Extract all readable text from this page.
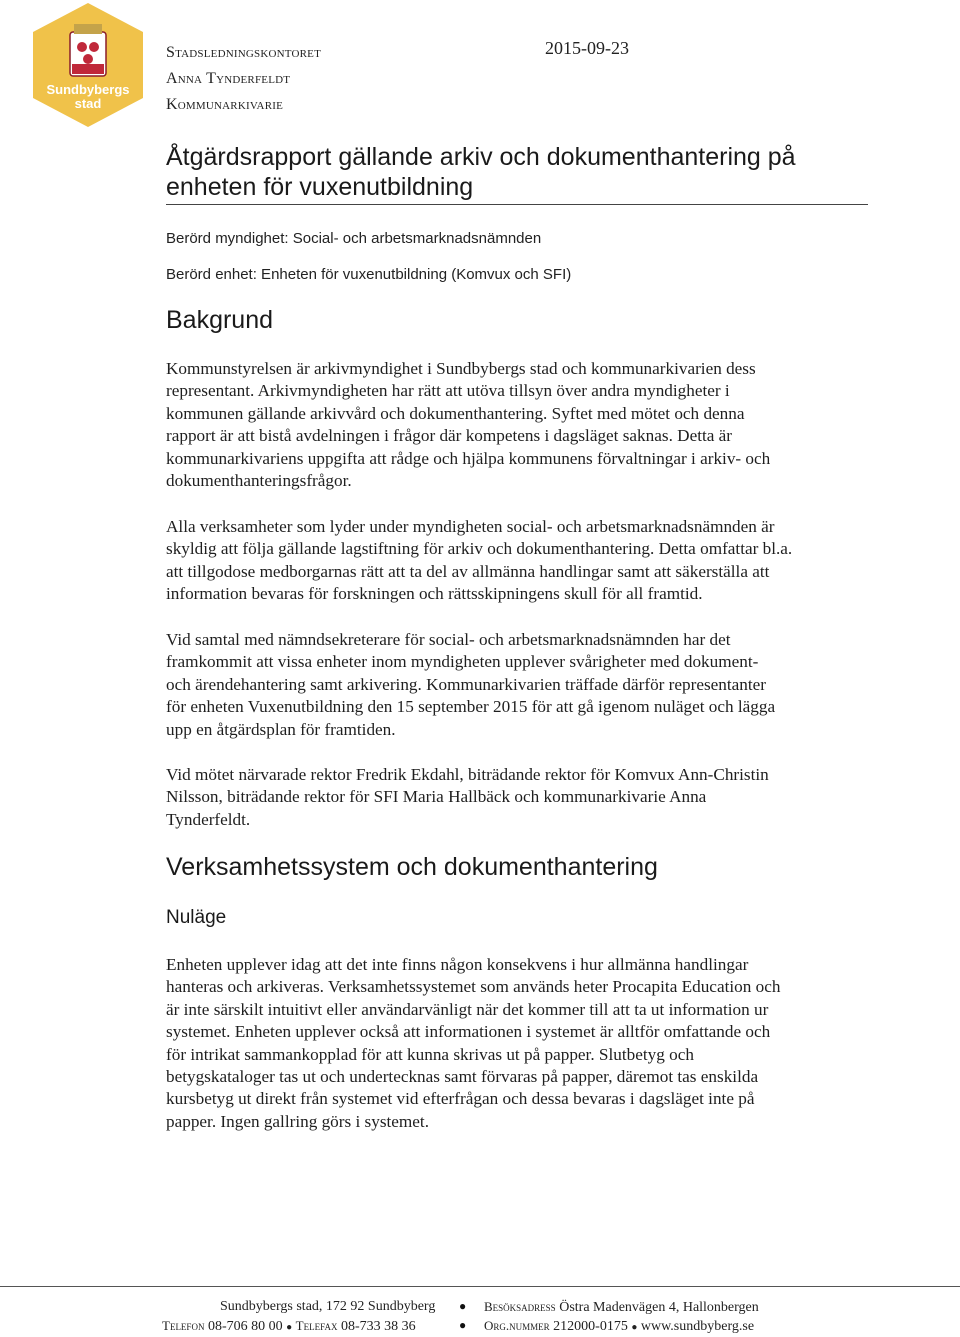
Sundbybergs
stad
Stadsledningskontoret
Anna Tynderfeldt
Kommunarkivarie
2015-09-23
Åtgärdsrapport gällande arkiv och dokumenthantering på
enheten för vuxenutbildning
Berörd myndighet: Social- och arbetsmarknadsnämnden
Berörd enhet: Enheten för vuxenutbildning (Komvux och SFI)
Bakgrund
Kommunstyrelsen är arkivmyndighet i Sundbybergs stad och kommunarkivarien dess
representant. Arkivmyndigheten har rätt att utöva tillsyn över andra myndigheter i
kommunen gällande arkivvård och dokumenthantering. Syftet med mötet och denna
rapport är att bistå avdelningen i frågor där kompetens i dagsläget saknas. Detta är
kommunarkivariens uppgifta att rådge och hjälpa kommunens förvaltningar i arkiv- och
dokumenthanteringsfrågor.
Alla verksamheter som lyder under myndigheten social- och arbetsmarknadsnämnden är
skyldig att följa gällande lagstiftning för arkiv och dokumenthantering. Detta omfattar bl.a.
att tillgodose medborgarnas rätt att ta del av allmänna handlingar samt att säkerställa att
information bevaras för forskningen och rättsskipningens skull för all framtid.
Vid samtal med nämndsekreterare för social- och arbetsmarknadsnämnden har det
framkommit att vissa enheter inom myndigheten upplever svårigheter med dokument-
och ärendehantering samt arkivering. Kommunarkivarien träffade därför representanter
för enheten Vuxenutbildning den 15 september 2015 för att gå igenom nuläget och lägga
upp en åtgärdsplan för framtiden.
Vid mötet närvarade rektor Fredrik Ekdahl, biträdande rektor för Komvux Ann-Christin
Nilsson, biträdande rektor för SFI Maria Hallbäck och kommunarkivarie Anna
Tynderfeldt.
Verksamhetssystem och dokumenthantering
Nuläge
Enheten upplever idag att det inte finns någon konsekvens i hur allmänna handlingar
hanteras och arkiveras. Verksamhetssystemet som används heter Procapita Education och
är inte särskilt intuitivt eller användarvänligt när det kommer till att ta ut information ur
systemet. Enheten upplever också att informationen i systemet är alltför omfattande och
för intrikat sammankopplad för att kunna skrivas ut på papper. Slutbetyg och
betygskataloger tas ut och undertecknas samt förvaras på papper, däremot tas enskilda
kursbetyg ut direkt från systemet vid efterfrågan och dessa bevaras i dagsläget inte på
papper. Ingen gallring görs i systemet.
Sundbybergs stad, 172 92 Sundbyberg ● Besöksadress Östra Madenvägen 4, Hallonbergen
Telefon 08-706 80 00 ● Telefax 08-733 38 36	● Org.nummer 212000-0175 ● www.sundbyberg.se
